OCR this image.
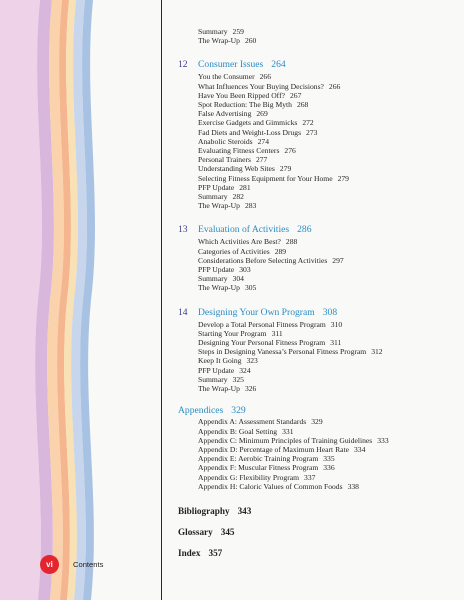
Summary 259
The Wrap-Up 260
12	Consumer Issues 264
You the Consumer 266
What Influences Your Buying Decisions? 266
Have You Been Ripped Off? 267
Spot Reduction: The Big Myth 268
False Advertising 269
Exercise Gadgets and Gimmicks 272
Fad Diets and Weight-Loss Drugs 273
Anabolic Steroids 274
Evaluating Fitness Centers 276
Personal Trainers 277
Understanding Web Sites 279
Selecting Fitness Equipment for Your Home 279
PFP Update 281
Summary 282
The Wrap-Up 283
13	Evaluation of Activities 286
Which Activities Are Best? 288
Categories of Activities 289
Considerations Before Selecting Activities 297
PFP Update 303
Summary 304
The Wrap-Up 305
14	Designing Your Own Program 308
Develop a Total Personal Fitness Program 310
Starting Your Program 311
Designing Your Personal Fitness Program 311
Steps in Designing Vanessa’s Personal Fitness Program 312
Keep It Going 323
PFP Update 324
Summary 325
The Wrap-Up 326
Appendices 329
Appendix A: Assessment Standards 329
Appendix B: Goal Setting 331
Appendix C: Minimum Principles of Training Guidelines 333
Appendix D: Percentage of Maximum Heart Rate 334
Appendix E: Aerobic Training Program 335
Appendix F: Muscular Fitness Program 336
Appendix G: Flexibility Program 337
Appendix H: Caloric Values of Common Foods 338
Bibliography 343
Glossary 345
Index 357
vi	Contents
